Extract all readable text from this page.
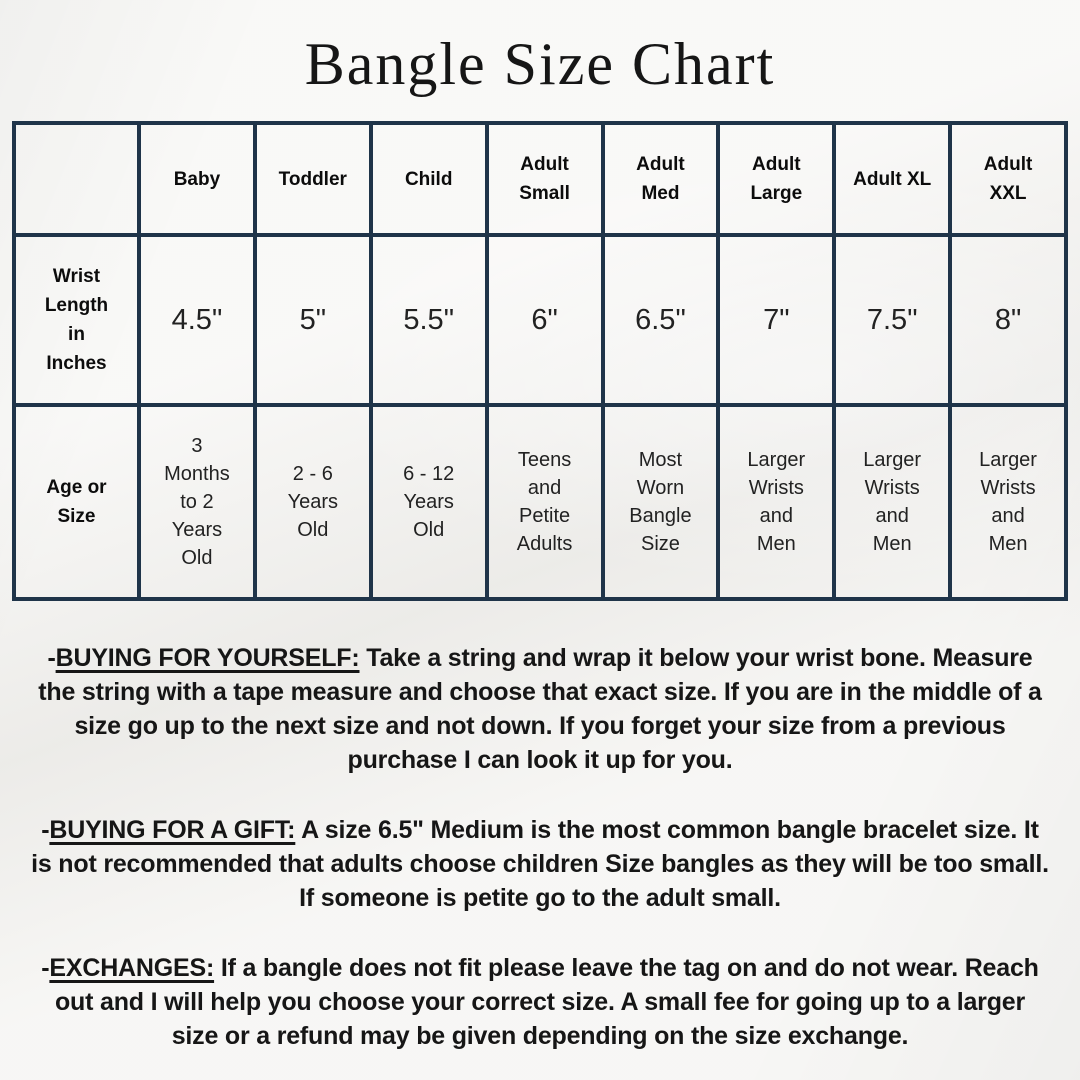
Bangle Size Chart
	Baby	Toddler	Child	Adult Small	Adult Med	Adult Large	Adult XL	Adult XXL
Wrist Length in Inches	4.5"	5"	5.5"	6"	6.5"	7"	7.5"	8"
Age or Size	3 Months to 2 Years Old	2 - 6 Years Old	6 - 12 Years Old	Teens and Petite Adults	Most Worn Bangle Size	Larger Wrists and Men	Larger Wrists and Men	Larger Wrists and Men

-BUYING FOR YOURSELF: Take a string and wrap it below your wrist bone. Measure the string with a tape measure and choose that exact size. If you are in the middle of a size go up to the next size and not down. If you forget your size from a previous purchase I can look it up for you.

-BUYING FOR A GIFT: A size 6.5" Medium is the most common bangle bracelet size. It is not recommended that adults choose children Size bangles as they will be too small. If someone is petite go to the adult small.

-EXCHANGES: If a bangle does not fit please leave the tag on and do not wear. Reach out and I will help you choose your correct size. A small fee for going up to a larger size or a refund may be given depending on the size exchange.
